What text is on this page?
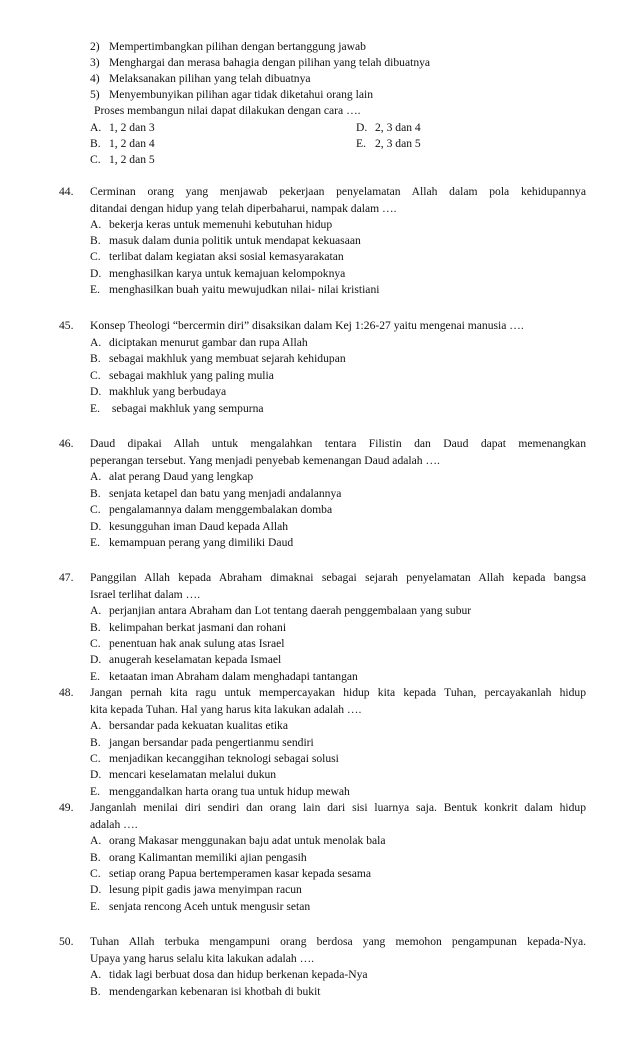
2) Mempertimbangkan pilihan dengan bertanggung jawab
3) Menghargai dan merasa bahagia dengan pilihan yang telah dibuatnya
4) Melaksanakan pilihan yang telah dibuatnya
5) Menyembunyikan pilihan agar tidak diketahui orang lain
Proses membangun nilai dapat dilakukan dengan cara ….
A. 1, 2 dan 3
B. 1, 2 dan 4
C. 1, 2 dan 5
D. 2, 3 dan 4
E. 2, 3 dan 5
44. Cerminan orang yang menjawab pekerjaan penyelamatan Allah dalam pola kehidupannya
ditandai dengan hidup yang telah diperbaharui, nampak dalam ….
A. bekerja keras untuk memenuhi kebutuhan hidup
B. masuk dalam dunia politik untuk mendapat kekuasaan
C. terlibat dalam kegiatan aksi sosial kemasyarakatan
D. menghasilkan karya untuk kemajuan kelompoknya
E. menghasilkan buah yaitu mewujudkan nilai- nilai kristiani
45. Konsep Theologi “bercermin diri” disaksikan dalam Kej 1:26-27 yaitu mengenai manusia ….
A. diciptakan menurut gambar dan rupa Allah
B. sebagai makhluk yang membuat sejarah kehidupan
C. sebagai makhluk yang paling mulia
D. makhluk yang berbudaya
E. sebagai makhluk yang sempurna
46. Daud dipakai Allah untuk mengalahkan tentara Filistin dan Daud dapat memenangkan
peperangan tersebut. Yang menjadi penyebab kemenangan Daud adalah ….
A. alat perang Daud yang lengkap
B. senjata ketapel dan batu yang menjadi andalannya
C. pengalamannya dalam menggembalakan domba
D. kesungguhan iman Daud kepada Allah
E. kemampuan perang yang dimiliki Daud
47. Panggilan Allah kepada Abraham dimaknai sebagai sejarah penyelamatan Allah kepada bangsa
Israel terlihat dalam ….
A. perjanjian antara Abraham dan Lot tentang daerah penggembalaan yang subur
B. kelimpahan berkat jasmani dan rohani
C. penentuan hak anak sulung atas Israel
D. anugerah keselamatan kepada Ismael
E. ketaatan iman Abraham dalam menghadapi tantangan
48. Jangan pernah kita ragu untuk mempercayakan hidup kita kepada Tuhan, percayakanlah hidup
kita kepada Tuhan. Hal yang harus kita lakukan adalah ….
A. bersandar pada kekuatan kualitas etika
B. jangan bersandar pada pengertianmu sendiri
C. menjadikan kecanggihan teknologi sebagai solusi
D. mencari keselamatan melalui dukun
E. menggandalkan harta orang tua untuk hidup mewah
49. Janganlah menilai diri sendiri dan orang lain dari sisi luarnya saja. Bentuk konkrit dalam hidup
adalah ….
A. orang Makasar menggunakan baju adat untuk menolak bala
B. orang Kalimantan memiliki ajian pengasih
C. setiap orang Papua bertemperamen kasar kepada sesama
D. lesung pipit gadis jawa menyimpan racun
E. senjata rencong Aceh untuk mengusir setan
50. Tuhan Allah terbuka mengampuni orang berdosa yang memohon pengampunan kepada-Nya.
Upaya yang harus selalu kita lakukan adalah ….
A. tidak lagi berbuat dosa dan hidup berkenan kepada-Nya
B. mendengarkan kebenaran isi khotbah di bukit
